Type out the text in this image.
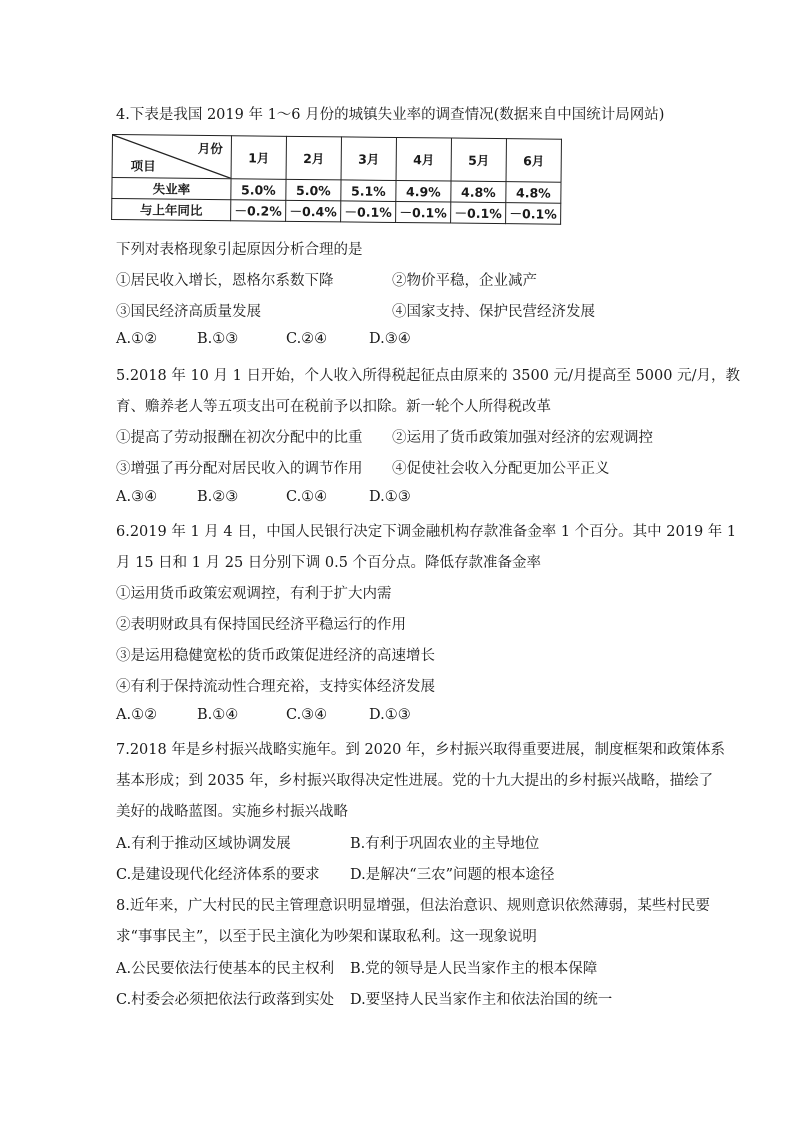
4.下表是我国 2019 年 1～6 月份的城镇失业率的调查情况(数据来自中国统计局网站)
月份
项目	1月	2月	3月	4月	5月	6月
失业率	5.0%	5.0%	5.1%	4.9%	4.8%	4.8%
与上年同比	－0.2%	－0.4%	－0.1%	－0.1%	－0.1%	－0.1%
下列对表格现象引起原因分析合理的是
①居民收入增长，恩格尔系数下降	②物价平稳，企业减产
③国民经济高质量发展	④国家支持、保护民营经济发展
A.①②	B.①③	C.②④	D.③④
5.2018 年 10 月 1 日开始，个人收入所得税起征点由原来的 3500 元/月提高至 5000 元/月，教
育、赡养老人等五项支出可在税前予以扣除。新一轮个人所得税改革
①提高了劳动报酬在初次分配中的比重 ②运用了货币政策加强对经济的宏观调控
③增强了再分配对居民收入的调节作用 ④促使社会收入分配更加公平正义
A.③④	B.②③	C.①④	D.①③
6.2019 年 1 月 4 日，中国人民银行决定下调金融机构存款准备金率 1 个百分。其中 2019 年 1
月 15 日和 1 月 25 日分别下调 0.5 个百分点。降低存款准备金率
①运用货币政策宏观调控，有利于扩大内需
②表明财政具有保持国民经济平稳运行的作用
③是运用稳健宽松的货币政策促进经济的高速增长
④有利于保持流动性合理充裕，支持实体经济发展
A.①②	B.①④	C.③④	D.①③
7.2018 年是乡村振兴战略实施年。到 2020 年，乡村振兴取得重要进展，制度框架和政策体系
基本形成；到 2035 年，乡村振兴取得决定性进展。党的十九大提出的乡村振兴战略，描绘了
美好的战略蓝图。实施乡村振兴战略
A.有利于推动区域协调发展	B.有利于巩固农业的主导地位
C.是建设现代化经济体系的要求 D.是解决“三农”问题的根本途径
8.近年来，广大村民的民主管理意识明显增强，但法治意识、规则意识依然薄弱，某些村民要
求“事事民主”，以至于民主演化为吵架和谋取私利。这一现象说明
A.公民要依法行使基本的民主权利 B.党的领导是人民当家作主的根本保障
C.村委会必须把依法行政落到实处 D.要坚持人民当家作主和依法治国的统一
